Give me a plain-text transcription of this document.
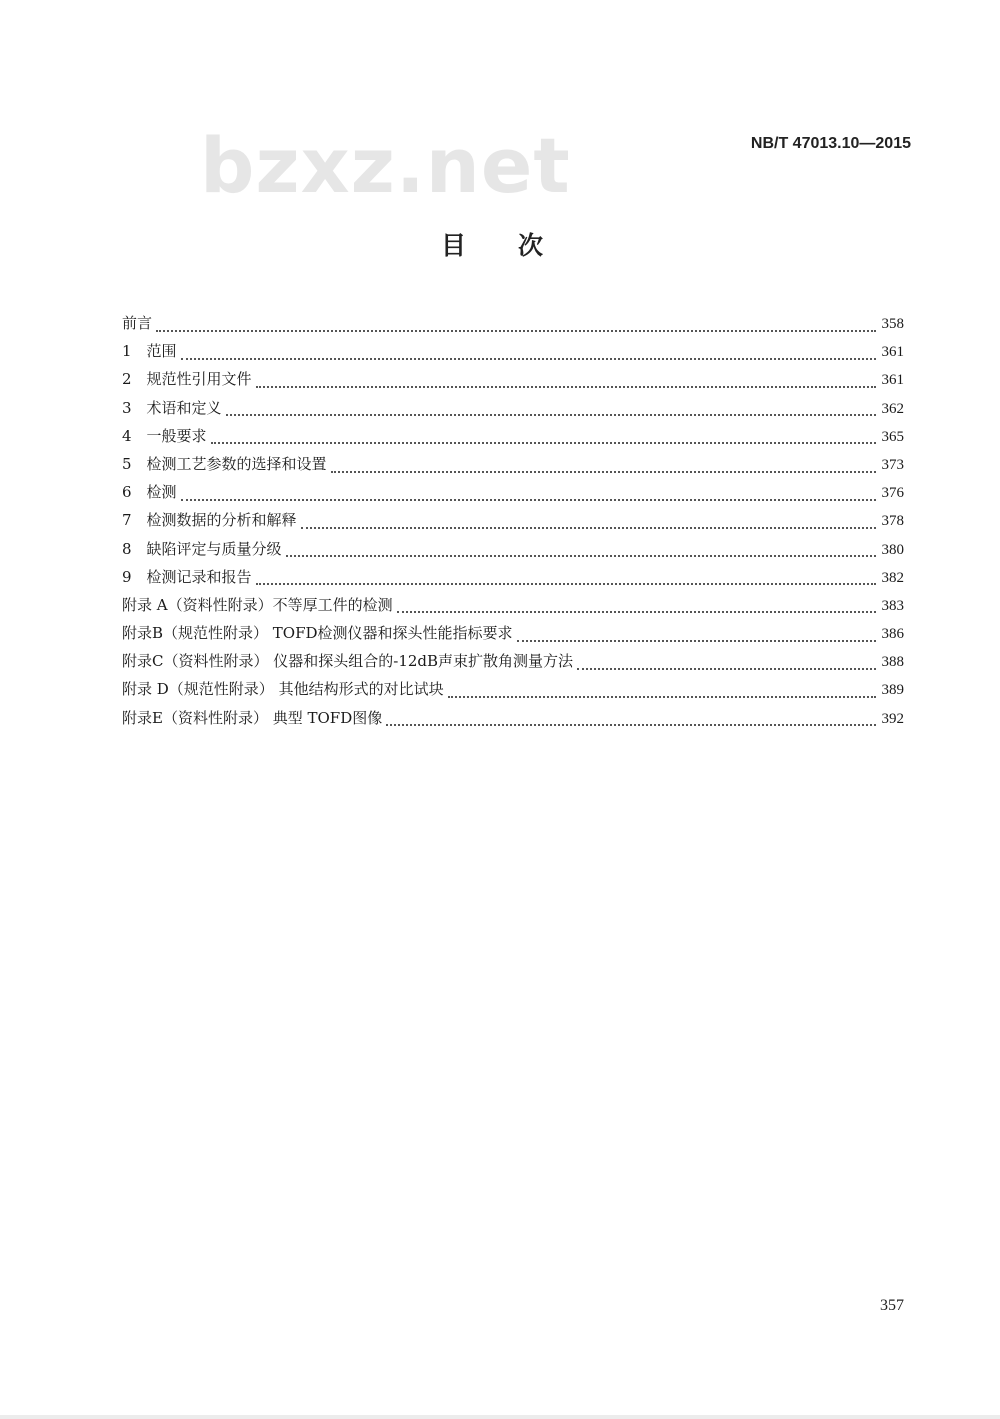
bzxz.net	NB/T 47013.10—2015
目次
前言	358
1　范围	361
2　规范性引用文件	361
3　术语和定义	362
4　一般要求	365
5　检测工艺参数的选择和设置	373
6　检测	376
7　检测数据的分析和解释	378
8　缺陷评定与质量分级	380
9　检测记录和报告	382
附录 A（资料性附录）不等厚工件的检测	383
附录B（规范性附录） TOFD检测仪器和探头性能指标要求	386
附录C（资料性附录） 仪器和探头组合的-12dB声束扩散角测量方法	388
附录 D（规范性附录） 其他结构形式的对比试块	389
附录E（资料性附录） 典型 TOFD图像	392
357
